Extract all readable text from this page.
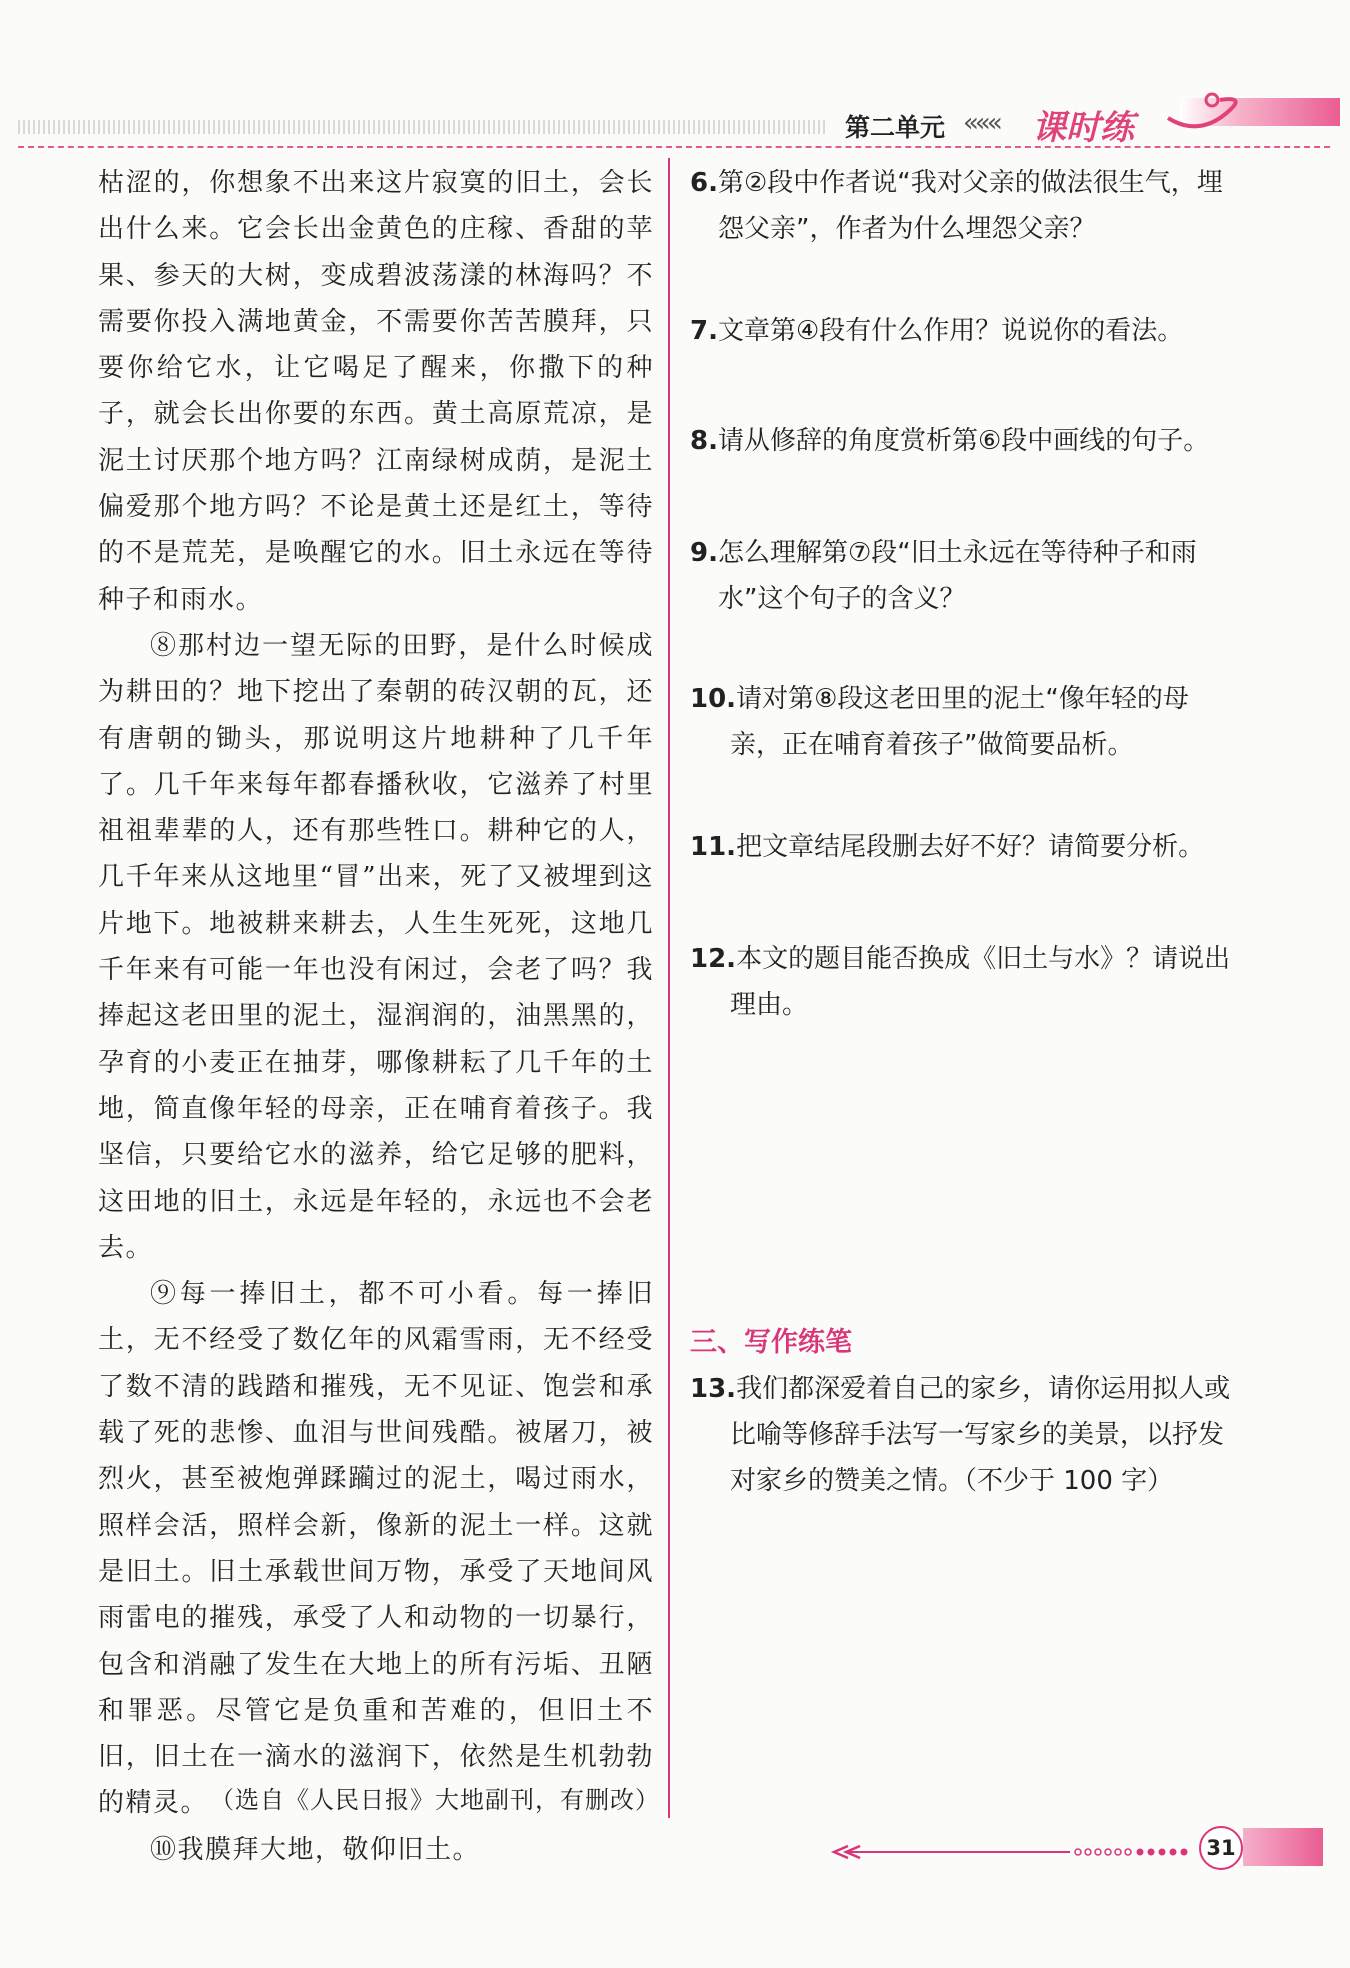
第二单元 ««« 课时练

枯涩的，你想象不出来这片寂寞的旧土，会长出什么来。它会长出金黄色的庄稼、香甜的苹果、参天的大树，变成碧波荡漾的林海吗？不需要你投入满地黄金，不需要你苦苦膜拜，只要你给它水，让它喝足了醒来，你撒下的种子，就会长出你要的东西。黄土高原荒凉，是泥土讨厌那个地方吗？江南绿树成荫，是泥土偏爱那个地方吗？不论是黄土还是红土，等待的不是荒芜，是唤醒它的水。旧土永远在等待种子和雨水。

⑧那村边一望无际的田野，是什么时候成为耕田的？地下挖出了秦朝的砖汉朝的瓦，还有唐朝的锄头，那说明这片地耕种了几千年了。几千年来每年都春播秋收，它滋养了村里祖祖辈辈的人，还有那些牲口。耕种它的人，几千年来从这地里“冒”出来，死了又被埋到这片地下。地被耕来耕去，人生生死死，这地几千年来有可能一年也没有闲过，会老了吗？我捧起这老田里的泥土，湿润润的，油黑黑的，孕育的小麦正在抽芽，哪像耕耘了几千年的土地，简直像年轻的母亲，正在哺育着孩子。我坚信，只要给它水的滋养，给它足够的肥料，这田地的旧土，永远是年轻的，永远也不会老去。

⑨每一捧旧土，都不可小看。每一捧旧土，无不经受了数亿年的风霜雪雨，无不经受了数不清的践踏和摧残，无不见证、饱尝和承载了死的悲惨、血泪与世间残酷。被屠刀，被烈火，甚至被炮弹蹂躏过的泥土，喝过雨水，照样会活，照样会新，像新的泥土一样。这就是旧土。旧土承载世间万物，承受了天地间风雨雷电的摧残，承受了人和动物的一切暴行，包含和消融了发生在大地上的所有污垢、丑陋和罪恶。尽管它是负重和苦难的，但旧土不旧，旧土在一滴水的滋润下，依然是生机勃勃的精灵。

⑩我膜拜大地，敬仰旧土。

（选自《人民日报》大地副刊，有删改）
6.第②段中作者说“我对父亲的做法很生气，埋
怨父亲”，作者为什么埋怨父亲？
7.文章第④段有什么作用？说说你的看法。
8.请从修辞的角度赏析第⑥段中画线的句子。
9.怎么理解第⑦段“旧土永远在等待种子和雨
水”这个句子的含义？
10.请对第⑧段这老田里的泥土“像年轻的母
亲，正在哺育着孩子”做简要品析。
11.把文章结尾段删去好不好？请简要分析。
12.本文的题目能否换成《旧土与水》？请说出
理由。
三、写作练笔
13.我们都深爱着自己的家乡，请你运用拟人或
比喻等修辞手法写一写家乡的美景，以抒发
对家乡的赞美之情。（不少于 100 字）
31
